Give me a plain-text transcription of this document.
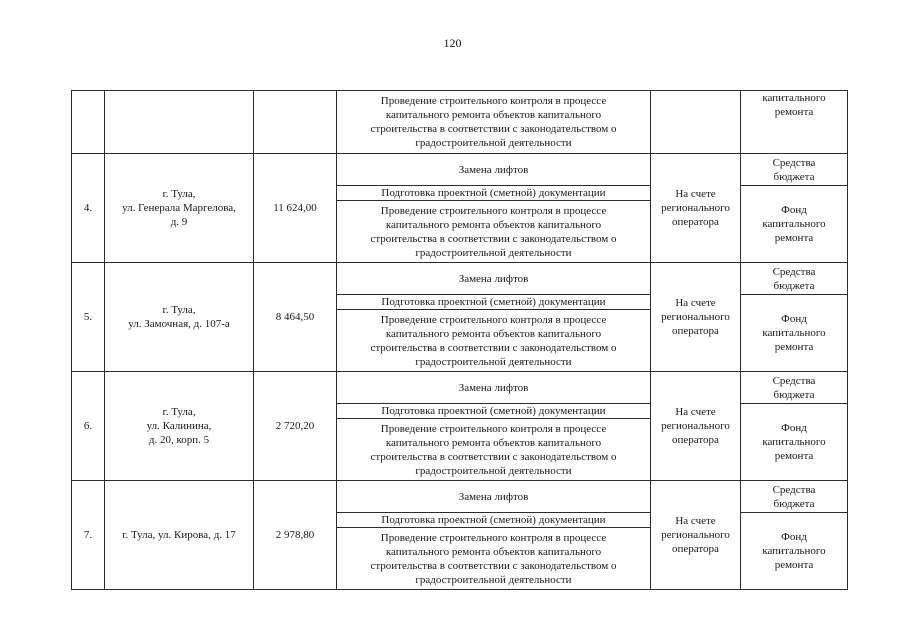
120

			Проведение строительного контроля в процессе
капитального ремонта объектов капитального
строительства в соответствии с законодательством о
градостроительной деятельности		капитального
ремонта

4.	г. Тула,
ул. Генерала Маргелова,
д. 9	11 624,00	Замена лифтов	На счете
регионального
оператора	Средства
бюджета

			Подготовка проектной (сметной) документации		Фонд
капитального
ремонта

			Проведение строительного контроля в процессе
капитального ремонта объектов капитального
строительства в соответствии с законодательством о
градостроительной деятельности		

5.	г. Тула,
ул. Замочная, д. 107-а	8 464,50	Замена лифтов	На счете
регионального
оператора	Средства
бюджета

			Подготовка проектной (сметной) документации		Фонд
капитального
ремонта

			Проведение строительного контроля в процессе
капитального ремонта объектов капитального
строительства в соответствии с законодательством о
градостроительной деятельности		

6.	г. Тула,
ул. Калинина,
д. 20, корп. 5	2 720,20	Замена лифтов	На счете
регионального
оператора	Средства
бюджета

			Подготовка проектной (сметной) документации		Фонд
капитального
ремонта

			Проведение строительного контроля в процессе
капитального ремонта объектов капитального
строительства в соответствии с законодательством о
градостроительной деятельности		

7.	г. Тула, ул. Кирова, д. 17	2 978,80	Замена лифтов	На счете
регионального
оператора	Средства
бюджета

			Подготовка проектной (сметной) документации		Фонд
капитального
ремонта

			Проведение строительного контроля в процессе
капитального ремонта объектов капитального
строительства в соответствии с законодательством о
градостроительной деятельности		
